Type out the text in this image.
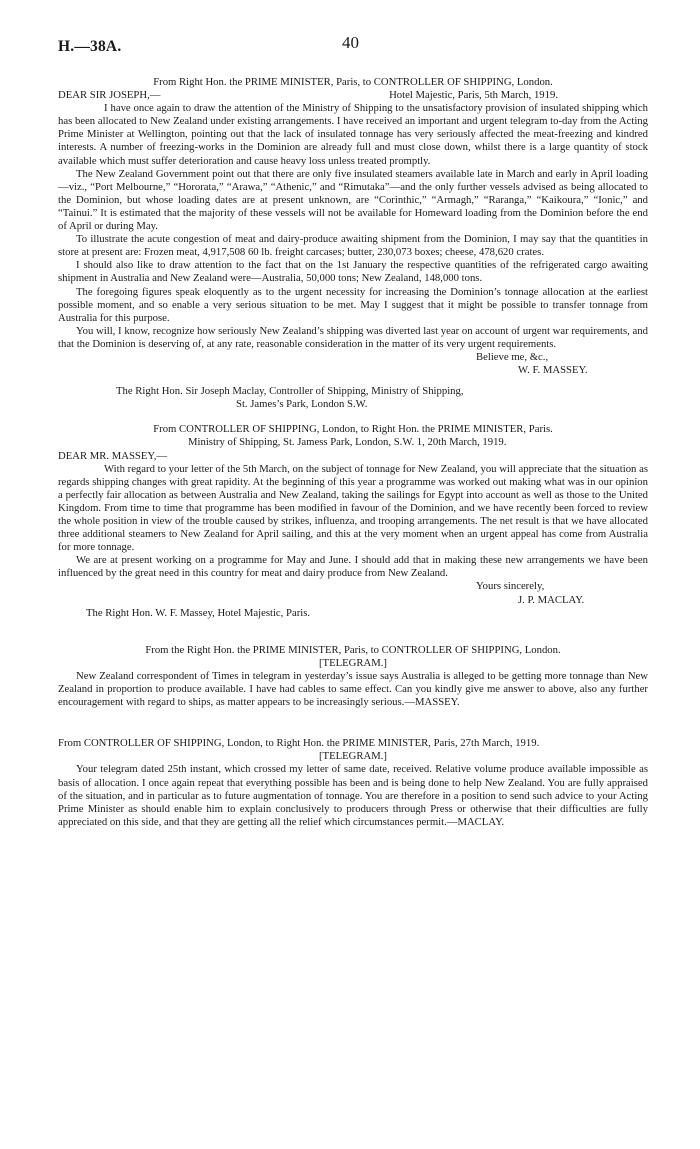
H.—38A.	40

From Right Hon. the PRIME MINISTER, Paris, to CONTROLLER OF SHIPPING, London.

DEAR SIR JOSEPH,—	Hotel Majestic, Paris, 5th March, 1919.

I have once again to draw the attention of the Ministry of Shipping to the unsatisfactory provision of insulated shipping which has been allocated to New Zealand under existing arrangements. I have received an important and urgent telegram to-day from the Acting Prime Minister at Wellington, pointing out that the lack of insulated tonnage has very seriously affected the meat-freezing and kindred interests. A number of freezing-works in the Dominion are already full and must close down, whilst there is a large quantity of stock available which must suffer deterioration and cause heavy loss unless treated promptly.

The New Zealand Government point out that there are only five insulated steamers available late in March and early in April loading—viz., “Port Melbourne,” “Hororata,” “Arawa,” “Athenic,” and “Rimutaka”—and the only further vessels advised as being allocated to the Dominion, but whose loading dates are at present unknown, are “Corinthic,” “Armagh,” “Raranga,” “Kaikoura,” “Ionic,” and “Tainui.” It is estimated that the majority of these vessels will not be available for Homeward loading from the Dominion before the end of April or during May.

To illustrate the acute congestion of meat and dairy-produce awaiting shipment from the Dominion, I may say that the quantities in store at present are: Frozen meat, 4,917,508 60 lb. freight carcases; butter, 230,073 boxes; cheese, 478,620 crates.

I should also like to draw attention to the fact that on the 1st January the respective quantities of the refrigerated cargo awaiting shipment in Australia and New Zealand were—Australia, 50,000 tons; New Zealand, 148,000 tons.

The foregoing figures speak eloquently as to the urgent necessity for increasing the Dominion’s tonnage allocation at the earliest possible moment, and so enable a very serious situation to be met. May I suggest that it might be possible to transfer tonnage from Australia for this purpose.

You will, I know, recognize how seriously New Zealand’s shipping was diverted last year on account of urgent war requirements, and that the Dominion is deserving of, at any rate, reasonable consideration in the matter of its very urgent requirements.

Believe me, &c.,

W. F. MASSEY.

The Right Hon. Sir Joseph Maclay, Controller of Shipping, Ministry of Shipping,

St. James’s Park, London S.W.

From CONTROLLER OF SHIPPING, London, to Right Hon. the PRIME MINISTER, Paris.

Ministry of Shipping, St. Jamess Park, London, S.W. 1, 20th March, 1919.

DEAR MR. MASSEY,—

With regard to your letter of the 5th March, on the subject of tonnage for New Zealand, you will appreciate that the situation as regards shipping changes with great rapidity. At the beginning of this year a programme was worked out making what was in our opinion a perfectly fair allocation as between Australia and New Zealand, taking the sailings for Egypt into account as well as those to the United Kingdom. From time to time that programme has been modified in favour of the Dominion, and we have recently been forced to review the whole position in view of the trouble caused by strikes, influenza, and trooping arrangements. The net result is that we have allocated three additional steamers to New Zealand for April sailing, and this at the very moment when an urgent appeal has come from Australia for more tonnage.

We are at present working on a programme for May and June. I should add that in making these new arrangements we have been influenced by the great need in this country for meat and dairy produce from New Zealand.

Yours sincerely,

J. P. MACLAY.

The Right Hon. W. F. Massey, Hotel Majestic, Paris.

From the Right Hon. the PRIME MINISTER, Paris, to CONTROLLER OF SHIPPING, London.

[TELEGRAM.]

New Zealand correspondent of Times in telegram in yesterday’s issue says Australia is alleged to be getting more tonnage than New Zealand in proportion to produce available. I have had cables to same effect. Can you kindly give me answer to above, also any further encouragement with regard to ships, as matter appears to be increasingly serious.—MASSEY.

From CONTROLLER OF SHIPPING, London, to Right Hon. the PRIME MINISTER, Paris, 27th March, 1919.

[TELEGRAM.]

Your telegram dated 25th instant, which crossed my letter of same date, received. Relative volume produce available impossible as basis of allocation. I once again repeat that everything possible has been and is being done to help New Zealand. You are fully appraised of the situation, and in particular as to future augmentation of tonnage. You are therefore in a position to send such advice to your Acting Prime Minister as should enable him to explain conclusively to producers through Press or otherwise that their difficulties are fully appreciated on this side, and that they are getting all the relief which circumstances permit.—MACLAY.
